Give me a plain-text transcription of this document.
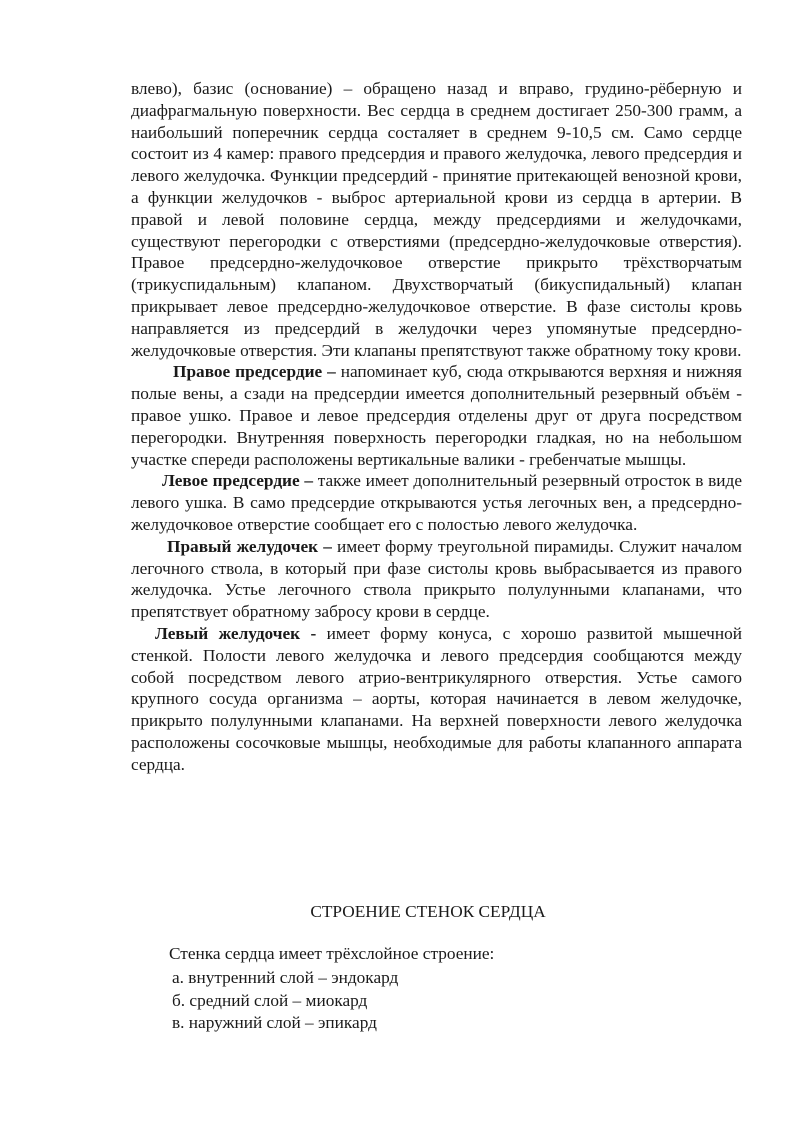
влево), базис (основание) – обращено назад и вправо, грудино-рёберную и диафрагмальную поверхности. Вес сердца в среднем достигает 250-300 грамм, а наибольший поперечник сердца состаляет в среднем 9-10,5 см. Само сердце состоит из 4 камер: правого предсердия и правого желудочка, левого предсердия и левого желудочка. Функции предсердий - принятие притекающей венозной крови, а функции желудочков - выброс артериальной крови из сердца в артерии. В правой и левой половине сердца, между предсердиями и желудочками, существуют перегородки с отверстиями (предсердно-желудочковые отверстия). Правое предсердно-желудочковое отверстие прикрыто трёхстворчатым (трикуспидальным) клапаном. Двухстворчатый (бикуспидальный) клапан прикрывает левое предсердно-желудочковое отверстие. В фазе систолы кровь направляется из предсердий в желудочки через упомянутые предсердно-желудочковые отверстия. Эти клапаны препятствуют также обратному току крови.

Правое предсердие – напоминает куб, сюда открываются верхняя и нижняя полые вены, а сзади на предсердии имеется дополнительный резервный объём - правое ушко. Правое и левое предсердия отделены друг от друга посредством перегородки. Внутренняя поверхность перегородки гладкая, но на небольшом участке спереди расположены вертикальные валики - гребенчатые мышцы.

Левое предсердие – также имеет дополнительный резервный отросток в виде левого ушка. В само предсердие открываются устья легочных вен, а предсердно-желудочковое отверстие сообщает его с полостью левого желудочка.

Правый желудочек – имеет форму треугольной пирамиды. Служит началом легочного ствола, в который при фазе систолы кровь выбрасывается из правого желудочка. Устье легочного ствола прикрыто полулунными клапанами, что препятствует обратному забросу крови в сердце.

Левый желудочек - имеет форму конуса, с хорошо развитой мышечной стенкой. Полости левого желудочка и левого предсердия сообщаются между собой посредством левого атрио-вентрикулярного отверстия. Устье самого крупного сосуда организма – аорты, которая начинается в левом желудочке, прикрыто полулунными клапанами. На верхней поверхности левого желудочка расположены сосочковые мышцы, необходимые для работы клапанного аппарата сердца.

СТРОЕНИЕ СТЕНОК СЕРДЦА

Стенка сердца имеет трёхслойное строение:

а. внутренний слой – эндокард
б. средний слой – миокард
в. наружний слой – эпикард
